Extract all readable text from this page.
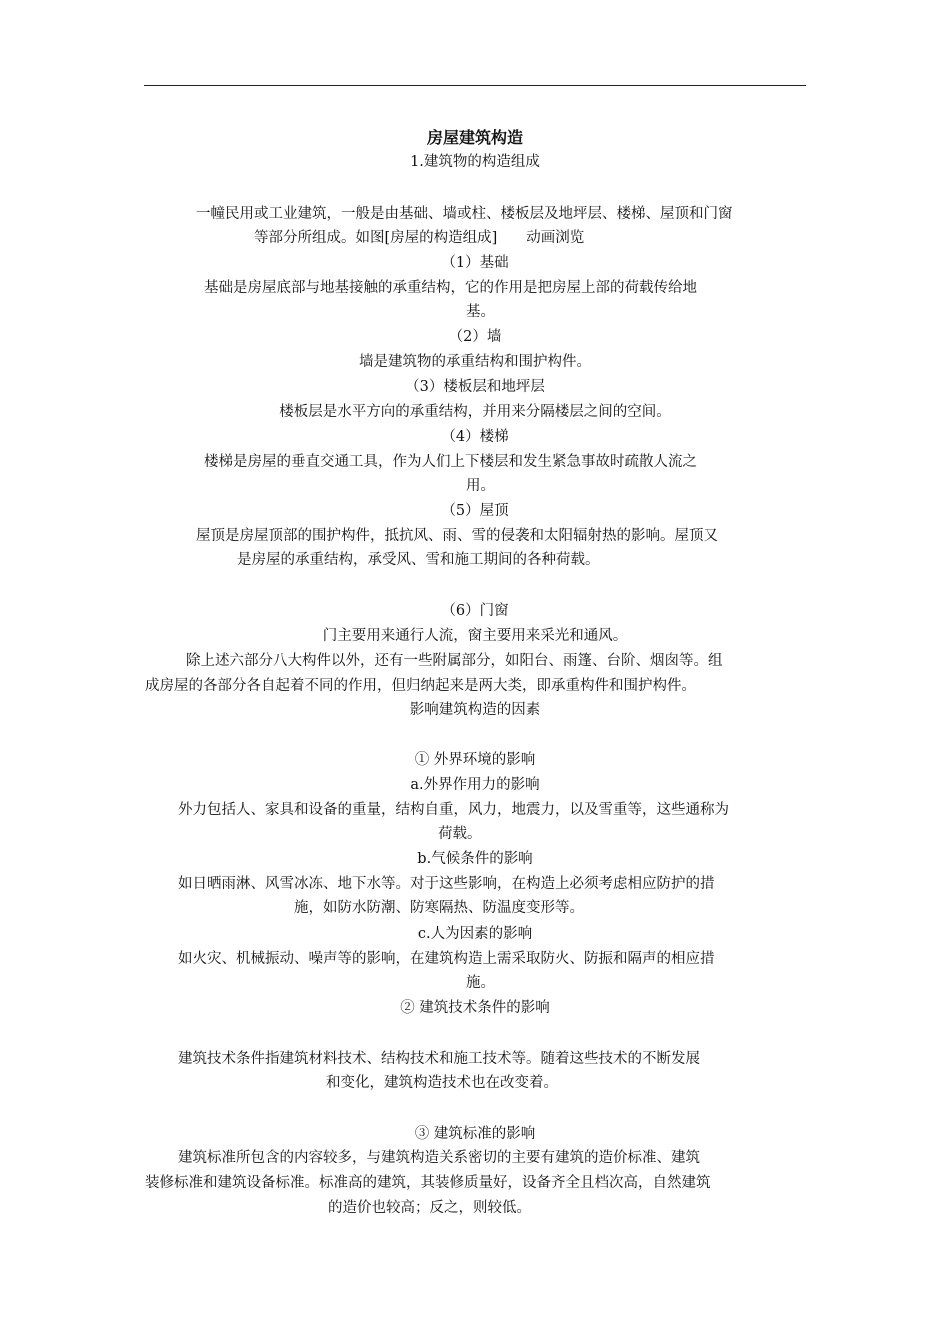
房屋建筑构造
1.建筑物的构造组成
一幢民用或工业建筑，一般是由基础、墙或柱、楼板层及地坪层、楼梯、屋顶和门窗
等部分所组成。如图[房屋的构造组成]　　动画浏览
（1）基础
基础是房屋底部与地基接触的承重结构，它的作用是把房屋上部的荷载传给地
基。
（2）墙
墙是建筑物的承重结构和围护构件。
（3）楼板层和地坪层
楼板层是水平方向的承重结构，并用来分隔楼层之间的空间。
（4）楼梯
楼梯是房屋的垂直交通工具，作为人们上下楼层和发生紧急事故时疏散人流之
用。
（5）屋顶
屋顶是房屋顶部的围护构件，抵抗风、雨、雪的侵袭和太阳辐射热的影响。屋顶又
是房屋的承重结构，承受风、雪和施工期间的各种荷载。
（6）门窗
门主要用来通行人流，窗主要用来采光和通风。
除上述六部分八大构件以外，还有一些附属部分，如阳台、雨篷、台阶、烟囱等。组
成房屋的各部分各自起着不同的作用，但归纳起来是两大类，即承重构件和围护构件。
影响建筑构造的因素
① 外界环境的影响
a.外界作用力的影响
外力包括人、家具和设备的重量，结构自重，风力，地震力，以及雪重等，这些通称为
荷载。
b.气候条件的影响
如日晒雨淋、风雪冰冻、地下水等。对于这些影响，在构造上必须考虑相应防护的措
施，如防水防潮、防寒隔热、防温度变形等。
c.人为因素的影响
如火灾、机械振动、噪声等的影响，在建筑构造上需采取防火、防振和隔声的相应措
施。
② 建筑技术条件的影响
建筑技术条件指建筑材料技术、结构技术和施工技术等。随着这些技术的不断发展
和变化，建筑构造技术也在改变着。
③ 建筑标准的影响
建筑标准所包含的内容较多，与建筑构造关系密切的主要有建筑的造价标准、建筑
装修标准和建筑设备标准。标准高的建筑，其装修质量好，设备齐全且档次高，自然建筑
的造价也较高；反之，则较低。
